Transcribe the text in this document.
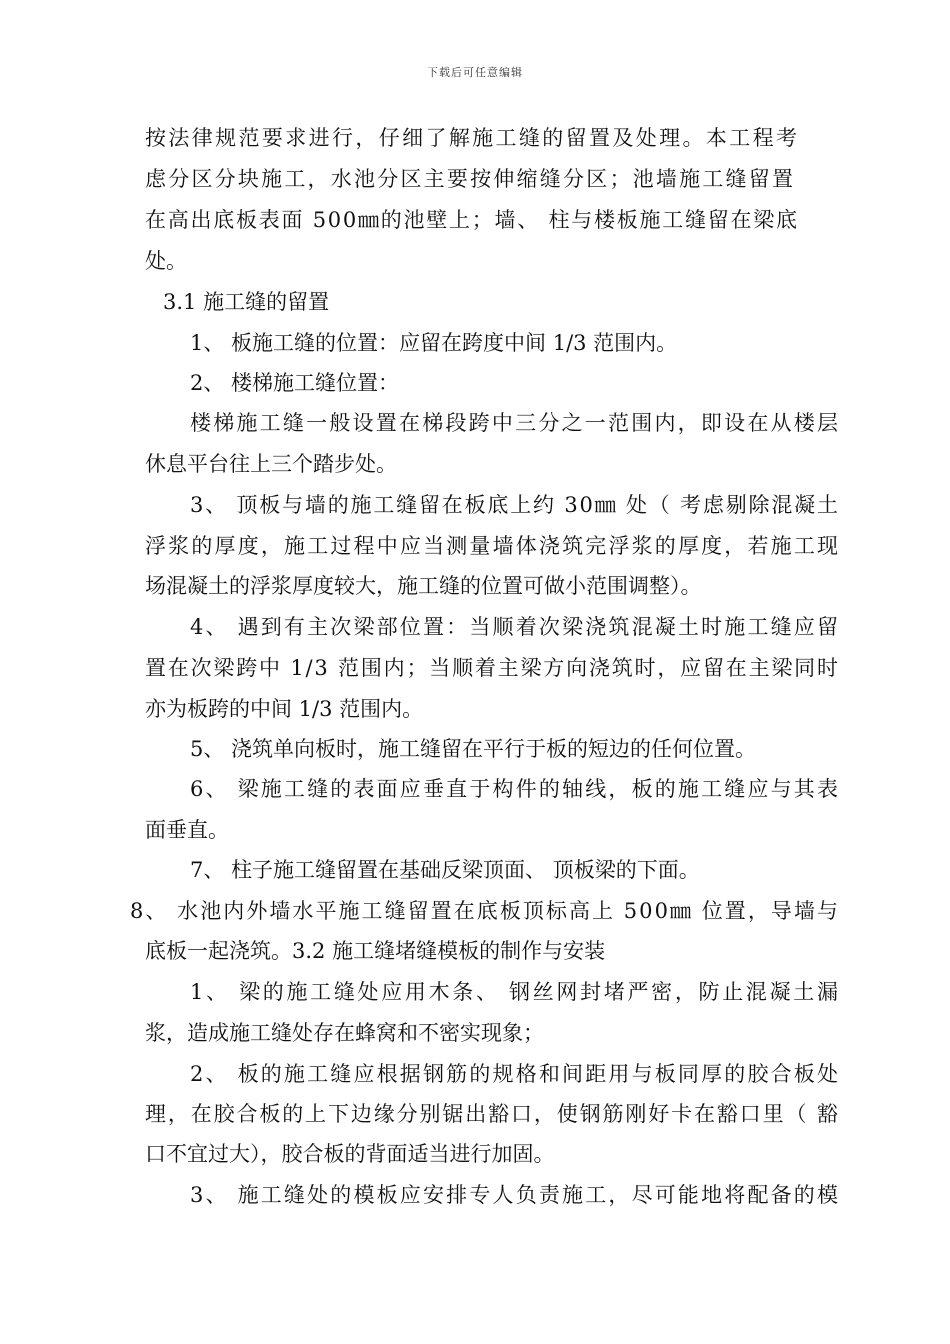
下载后可任意编辑
按法律规范要求进行，仔细了解施工缝的留置及处理。本工程考
虑分区分块施工，水池分区主要按伸缩缝分区；池墙施工缝留置
在高出底板表面 500㎜的池壁上；墙、 柱与楼板施工缝留在梁底
处。
3.1 施工缝的留置
1、 板施工缝的位置：应留在跨度中间 1/3 范围内。
2、 楼梯施工缝位置：
楼梯施工缝一般设置在梯段跨中三分之一范围内，即设在从楼层
休息平台往上三个踏步处。
3、 顶板与墙的施工缝留在板底上约 30㎜ 处（ 考虑剔除混凝土
浮浆的厚度，施工过程中应当测量墙体浇筑完浮浆的厚度，若施工现
场混凝土的浮浆厚度较大，施工缝的位置可做小范围调整）。
4、 遇到有主次梁部位置：当顺着次梁浇筑混凝土时施工缝应留
置在次梁跨中 1/3 范围内；当顺着主梁方向浇筑时，应留在主梁同时
亦为板跨的中间 1/3 范围内。
5、 浇筑单向板时，施工缝留在平行于板的短边的任何位置。
6、 梁施工缝的表面应垂直于构件的轴线，板的施工缝应与其表
面垂直。
7、 柱子施工缝留置在基础反梁顶面、 顶板梁的下面。
8、 水池内外墙水平施工缝留置在底板顶标高上 500㎜ 位置，导墙与
底板一起浇筑。3.2 施工缝堵缝模板的制作与安装
1、 梁的施工缝处应用木条、 钢丝网封堵严密，防止混凝土漏
浆，造成施工缝处存在蜂窝和不密实现象；
2、 板的施工缝应根据钢筋的规格和间距用与板同厚的胶合板处
理，在胶合板的上下边缘分别锯出豁口，使钢筋刚好卡在豁口里（ 豁
口不宜过大），胶合板的背面适当进行加固。
3、 施工缝处的模板应安排专人负责施工，尽可能地将配备的模
